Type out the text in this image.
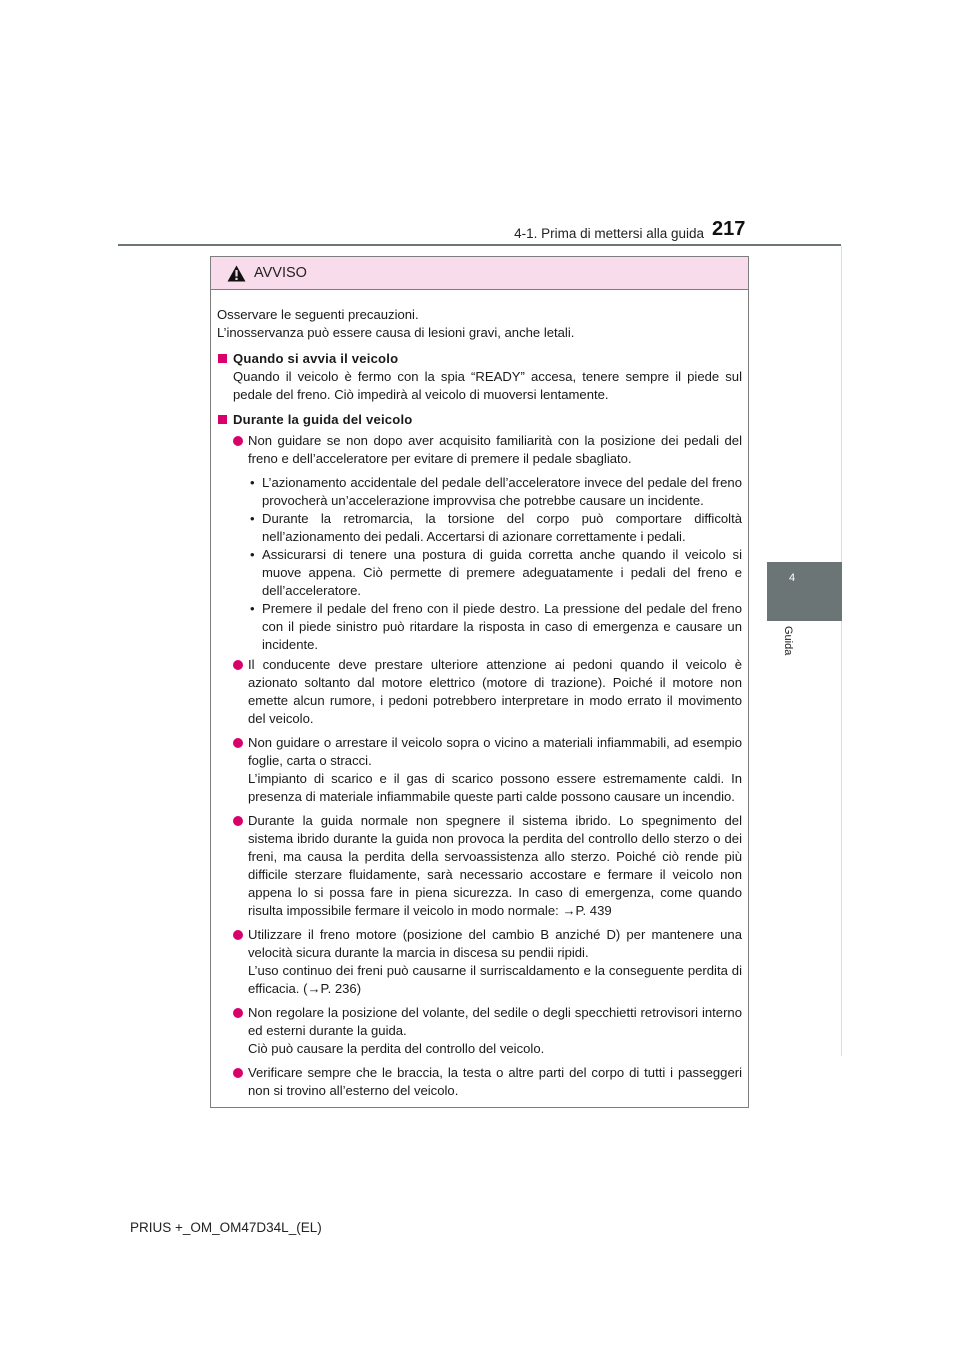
4-1. Prima di mettersi alla guida 217
4
Guida
AVVISO

Osservare le seguenti precauzioni.

L’inosservanza può essere causa di lesioni gravi, anche letali.

Quando si avvia il veicolo

Quando il veicolo è fermo con la spia “READY” accesa, tenere sempre il piede sul pedale del freno. Ciò impedirà al veicolo di muoversi lentamente.

Durante la guida del veicolo

Non guidare se non dopo aver acquisito familiarità con la posizione dei pedali del freno e dell’acceleratore per evitare di premere il pedale sbagliato.

• L’azionamento accidentale del pedale dell’acceleratore invece del pedale del freno provocherà un’accelerazione improvvisa che potrebbe causare un incidente.
• Durante la retromarcia, la torsione del corpo può comportare difficoltà nell’azionamento dei pedali. Accertarsi di azionare correttamente i pedali.
• Assicurarsi di tenere una postura di guida corretta anche quando il veicolo si muove appena. Ciò permette di premere adeguatamente i pedali del freno e dell’acceleratore.
• Premere il pedale del freno con il piede destro. La pressione del pedale del freno con il piede sinistro può ritardare la risposta in caso di emergenza e causare un incidente.

Il conducente deve prestare ulteriore attenzione ai pedoni quando il veicolo è azionato soltanto dal motore elettrico (motore di trazione). Poiché il motore non emette alcun rumore, i pedoni potrebbero interpretare in modo errato il movimento del veicolo.

Non guidare o arrestare il veicolo sopra o vicino a materiali infiammabili, ad esempio foglie, carta o stracci.

L’impianto di scarico e il gas di scarico possono essere estremamente caldi. In presenza di materiale infiammabile queste parti calde possono causare un incendio.

Durante la guida normale non spegnere il sistema ibrido. Lo spegnimento del sistema ibrido durante la guida non provoca la perdita del controllo dello sterzo o dei freni, ma causa la perdita della servoassistenza allo sterzo. Poiché ciò rende più difficile sterzare fluidamente, sarà necessario accostare e fermare il veicolo non appena lo si possa fare in piena sicurezza. In caso di emergenza, come quando risulta impossibile fermare il veicolo in modo normale: →P. 439

Utilizzare il freno motore (posizione del cambio B anziché D) per mantenere una velocità sicura durante la marcia in discesa su pendii ripidi.

L’uso continuo dei freni può causarne il surriscaldamento e la conseguente perdita di efficacia. (→P. 236)

Non regolare la posizione del volante, del sedile o degli specchietti retrovisori interno ed esterni durante la guida.

Ciò può causare la perdita del controllo del veicolo.

Verificare sempre che le braccia, la testa o altre parti del corpo di tutti i passeggeri non si trovino all’esterno del veicolo.

PRIUS +_OM_OM47D34L_(EL)
